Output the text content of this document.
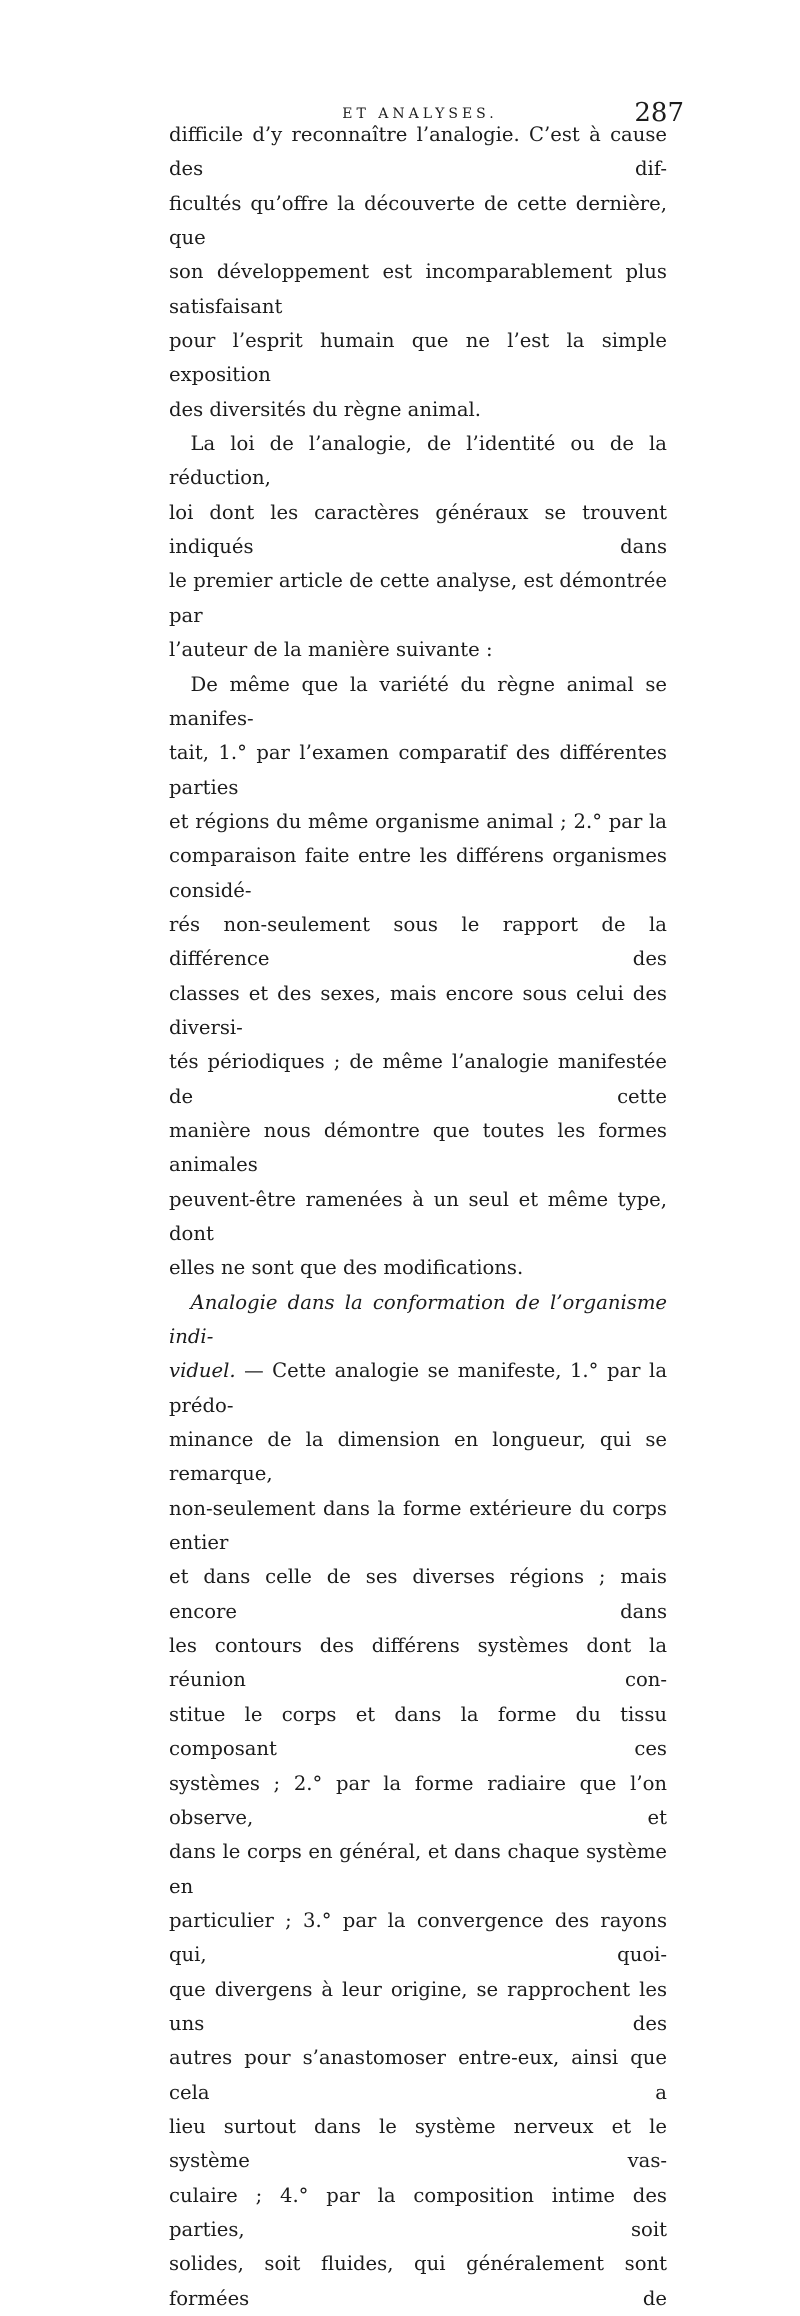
ET ANALYSES.	287

difficile d’y reconnaître l’analogie. C’est à cause des dif-

ficultés qu’offre la découverte de cette dernière, que

son développement est incomparablement plus satisfaisant

pour l’esprit humain que ne l’est la simple exposition

des diversités du règne animal.

La loi de l’analogie, de l’identité ou de la réduction,

loi dont les caractères généraux se trouvent indiqués dans

le premier article de cette analyse, est démontrée par

l’auteur de la manière suivante :

De même que la variété du règne animal se manifes-

tait, 1.° par l’examen comparatif des différentes parties

et régions du même organisme animal ; 2.° par la

comparaison faite entre les différens organismes considé-

rés non-seulement sous le rapport de la différence des

classes et des sexes, mais encore sous celui des diversi-

tés périodiques ; de même l’analogie manifestée de cette

manière nous démontre que toutes les formes animales

peuvent-être ramenées à un seul et même type, dont

elles ne sont que des modifications.

Analogie dans la conformation de l’organisme indi-

viduel. — Cette analogie se manifeste, 1.° par la prédo-

minance de la dimension en longueur, qui se remarque,

non-seulement dans la forme extérieure du corps entier

et dans celle de ses diverses régions ; mais encore dans

les contours des différens systèmes dont la réunion con-

stitue le corps et dans la forme du tissu composant ces

systèmes ; 2.° par la forme radiaire que l’on observe, et

dans le corps en général, et dans chaque système en

particulier ; 3.° par la convergence des rayons qui, quoi-

que divergens à leur origine, se rapprochent les uns des

autres pour s’anastomoser entre-eux, ainsi que cela a

lieu surtout dans le système nerveux et le système vas-

culaire ; 4.° par la composition intime des parties, soit

solides, soit fluides, qui généralement sont formées de
